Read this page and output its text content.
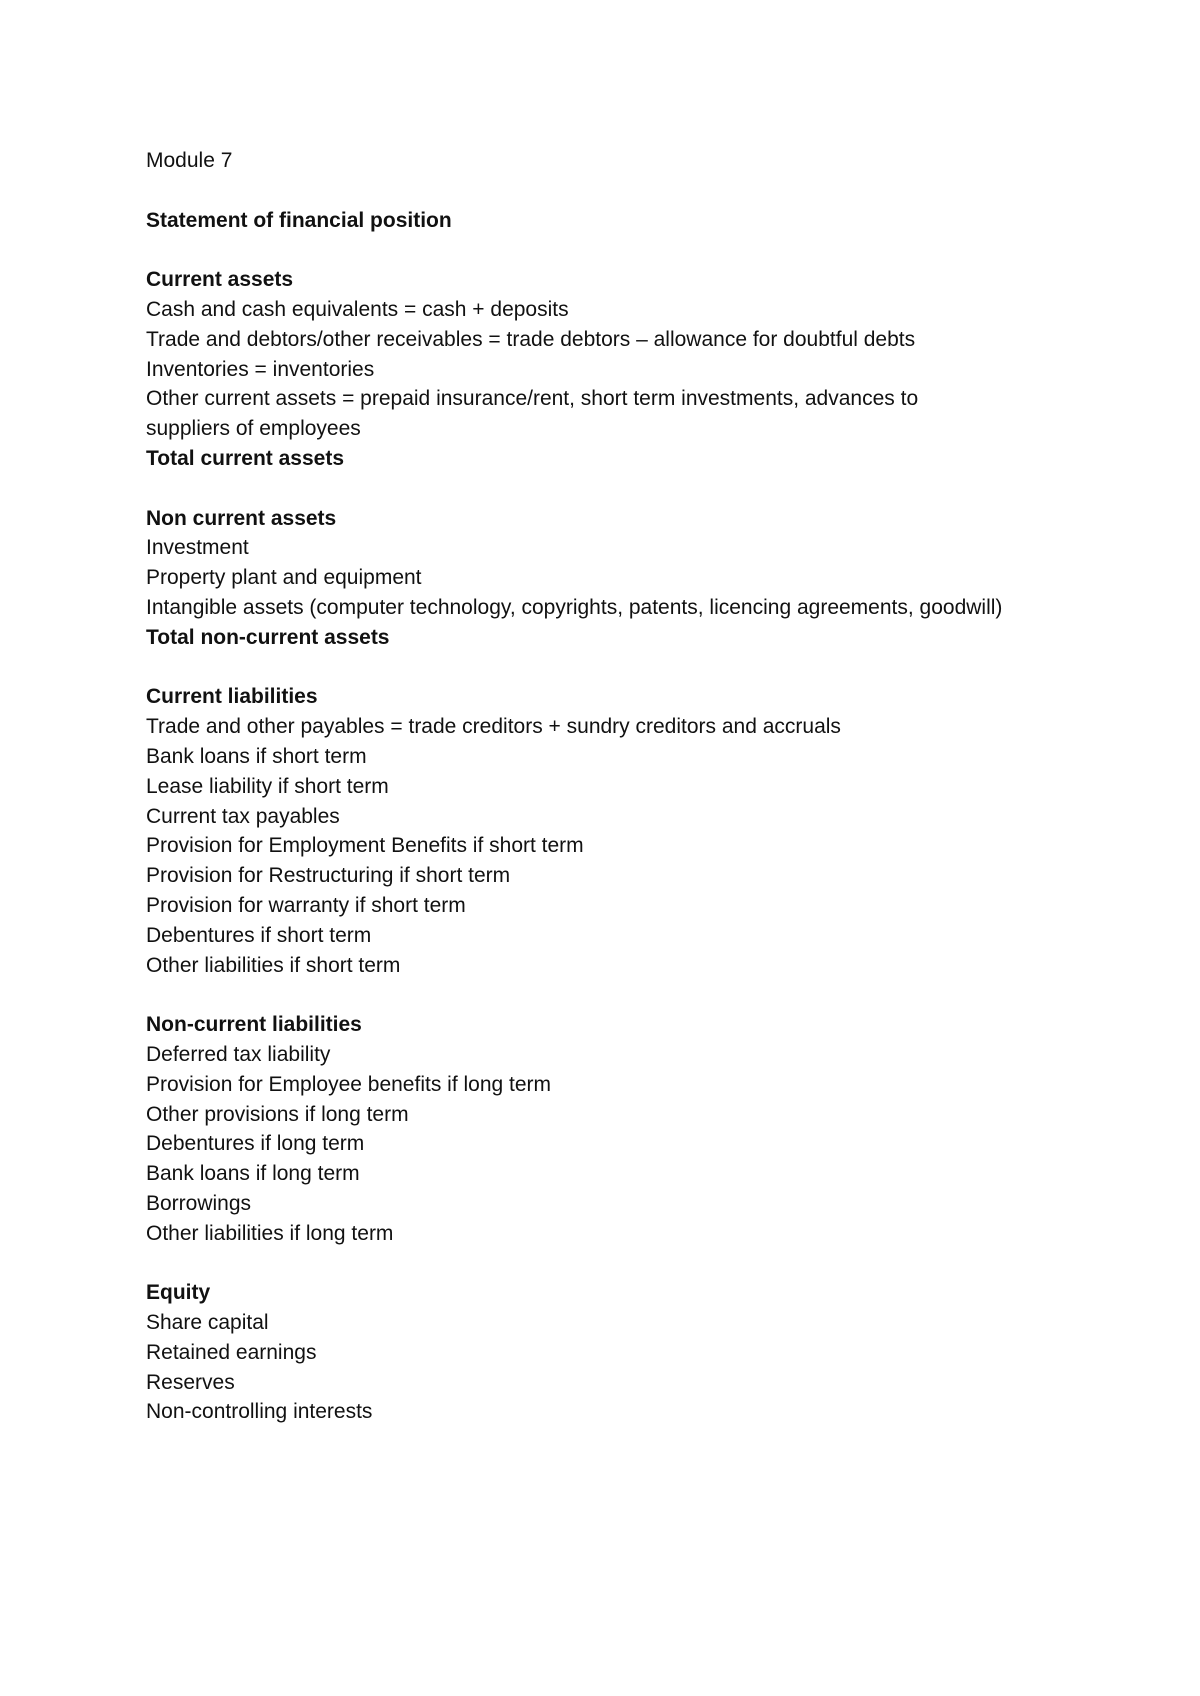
Module 7
Statement of financial position
Current assets
Cash and cash equivalents = cash + deposits
Trade and debtors/other receivables = trade debtors – allowance for doubtful debts
Inventories = inventories
Other current assets = prepaid insurance/rent, short term investments, advances to
suppliers of employees
Total current assets
Non current assets
Investment
Property plant and equipment
Intangible assets (computer technology, copyrights, patents, licencing agreements, goodwill)
Total non-current assets
Current liabilities
Trade and other payables = trade creditors + sundry creditors and accruals
Bank loans if short term
Lease liability if short term
Current tax payables
Provision for Employment Benefits if short term
Provision for Restructuring if short term
Provision for warranty if short term
Debentures if short term
Other liabilities if short term
Non-current liabilities
Deferred tax liability
Provision for Employee benefits if long term
Other provisions if long term
Debentures if long term
Bank loans if long term
Borrowings
Other liabilities if long term
Equity
Share capital
Retained earnings
Reserves
Non-controlling interests
